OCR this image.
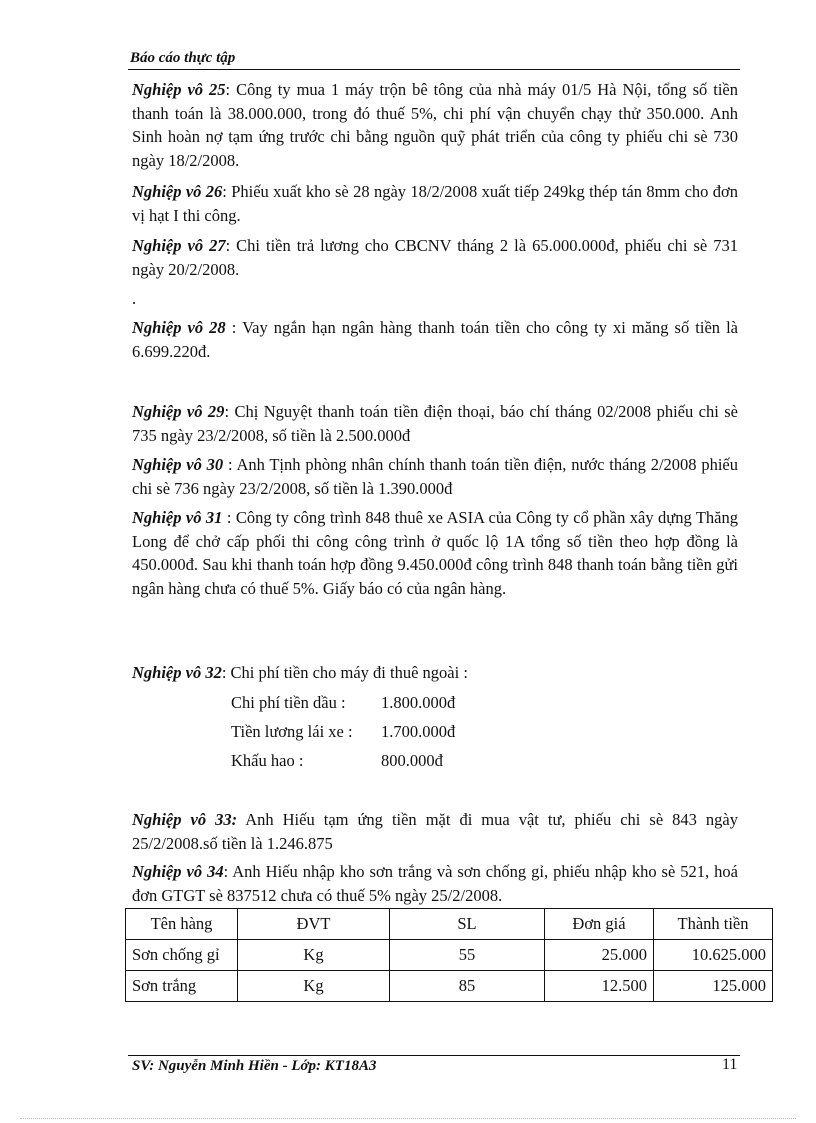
Báo cáo thực tập

Nghiệp vô 25: Công ty mua 1 máy trộn bê tông của nhà máy 01/5 Hà Nội, tổng số tiền thanh toán là 38.000.000, trong đó thuế 5%, chi phí vận chuyển chạy thử 350.000. Anh Sinh hoàn nợ tạm ứng trước chi bằng nguồn quỹ phát triển của công ty phiếu chi sè 730 ngày 18/2/2008.

Nghiệp vô 26: Phiếu xuất kho sè 28 ngày 18/2/2008 xuất tiếp 249kg thép tán 8mm cho đơn vị hạt I thi công.

Nghiệp vô 27: Chi tiền trả lương cho CBCNV tháng 2 là 65.000.000đ, phiếu chi sè 731 ngày 20/2/2008.

.

Nghiệp vô 28 : Vay ngắn hạn ngân hàng thanh toán tiền cho công ty xi măng số tiền là 6.699.220đ.

Nghiệp vô 29: Chị Nguyệt thanh toán tiền điện thoại, báo chí tháng 02/2008 phiếu chi sè 735 ngày 23/2/2008, số tiền là 2.500.000đ

Nghiệp vô 30 : Anh Tịnh phòng nhân chính thanh toán tiền điện, nước tháng 2/2008 phiếu chi sè 736 ngày 23/2/2008, số tiền là 1.390.000đ

Nghiệp vô 31 : Công ty công trình 848 thuê xe ASIA của Công ty cổ phần xây dựng Thăng Long để chở cấp phối thi công công trình ở quốc lộ 1A tổng số tiền theo hợp đồng là 450.000đ. Sau khi thanh toán hợp đồng 9.450.000đ công trình 848 thanh toán bằng tiền gửi ngân hàng chưa có thuế 5%. Giấy báo có của ngân hàng.

Nghiệp vô 32: Chi phí tiền cho máy đi thuê ngoài :

Chi phí tiền dầu :	1.800.000đ
Tiền lương lái xe :	1.700.000đ
Khấu hao :	800.000đ

Nghiệp vô 33: Anh Hiếu tạm ứng tiền mặt đi mua vật tư, phiếu chi sè 843 ngày 25/2/2008.số tiền là 1.246.875

Nghiệp vô 34: Anh Hiếu nhập kho sơn trắng và sơn chống gỉ, phiếu nhập kho sè 521, hoá đơn GTGT sè 837512 chưa có thuế 5% ngày 25/2/2008.

Tên hàng	ĐVT	SL	Đơn giá	Thành tiền
Sơn chống gỉ	Kg	55	25.000	10.625.000
Sơn trắng	Kg	85	12.500	125.000
SV: Nguyễn Minh Hiền - Lớp: KT18A3	11
